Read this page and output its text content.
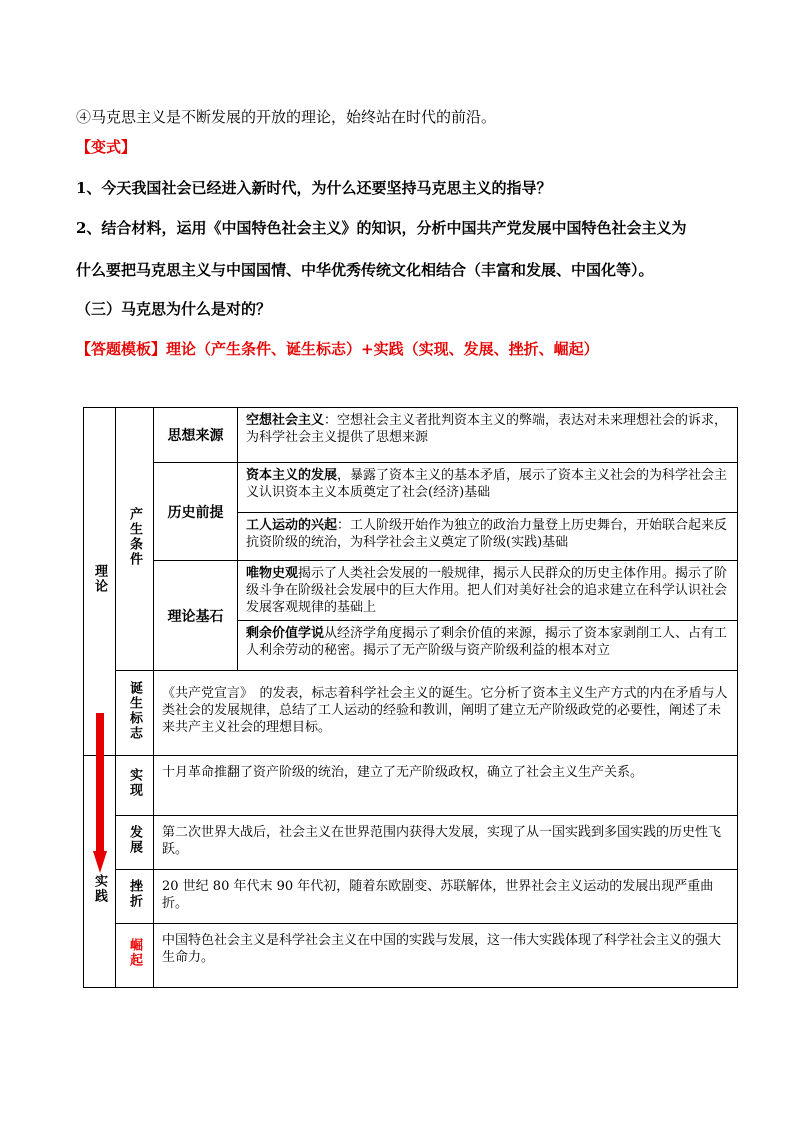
④马克思主义是不断发展的开放的理论，始终站在时代的前沿。
【变式】
1、今天我国社会已经进入新时代，为什么还要坚持马克思主义的指导？
2、结合材料，运用《中国特色社会主义》的知识，分析中国共产党发展中国特色社会主义为
什么要把马克思主义与中国国情、中华优秀传统文化相结合（丰富和发展、中国化等）。
（三）马克思为什么是对的？
【答题模板】理论（产生条件、诞生标志）+实践（实现、发展、挫折、崛起）
理论	产生条件	思想来源	空想社会主义：空想社会主义者批判资本主义的弊端，表达对未来理想社会的诉求，为科学社会主义提供了思想来源
		历史前提	资本主义的发展，暴露了资本主义的基本矛盾，展示了资本主义社会的为科学社会主义认识资本主义本质奠定了社会(经济)基础
			工人运动的兴起：工人阶级开始作为独立的政治力量登上历史舞台，开始联合起来反抗资阶级的统治，为科学社会主义奠定了阶级(实践)基础
		理论基石	唯物史观揭示了人类社会发展的一般规律，揭示人民群众的历史主体作用。揭示了阶级斗争在阶级社会发展中的巨大作用。把人们对美好社会的追求建立在科学认识社会发展客观规律的基础上
			剩余价值学说从经济学角度揭示了剩余价值的来源，揭示了资本家剥削工人、占有工人利余劳动的秘密。揭示了无产阶级与资产阶级利益的根本对立
	诞生标志	《共产党宣言》　的发表，标志着科学社会主义的诞生。它分析了资本主义生产方式的内在矛盾与人类社会的发展规律，总结了工人运动的经验和教训，阐明了建立无产阶级政党的必要性，阐述了未来共产主义社会的理想目标。	
实践	实现	十月革命推翻了资产阶级的统治，建立了无产阶级政权，确立了社会主义生产关系。	
	发展	第二次世界大战后，社会主义在世界范围内获得大发展，实现了从一国实践到多国实践的历史性飞跃。	
	挫折	20 世纪 80 年代末 90 年代初，随着东欧剧变、苏联解体，世界社会主义运动的发展出现严重曲折。	
	崛起	中国特色社会主义是科学社会主义在中国的实践与发展，这一伟大实践体现了科学社会主义的强大生命力。	
